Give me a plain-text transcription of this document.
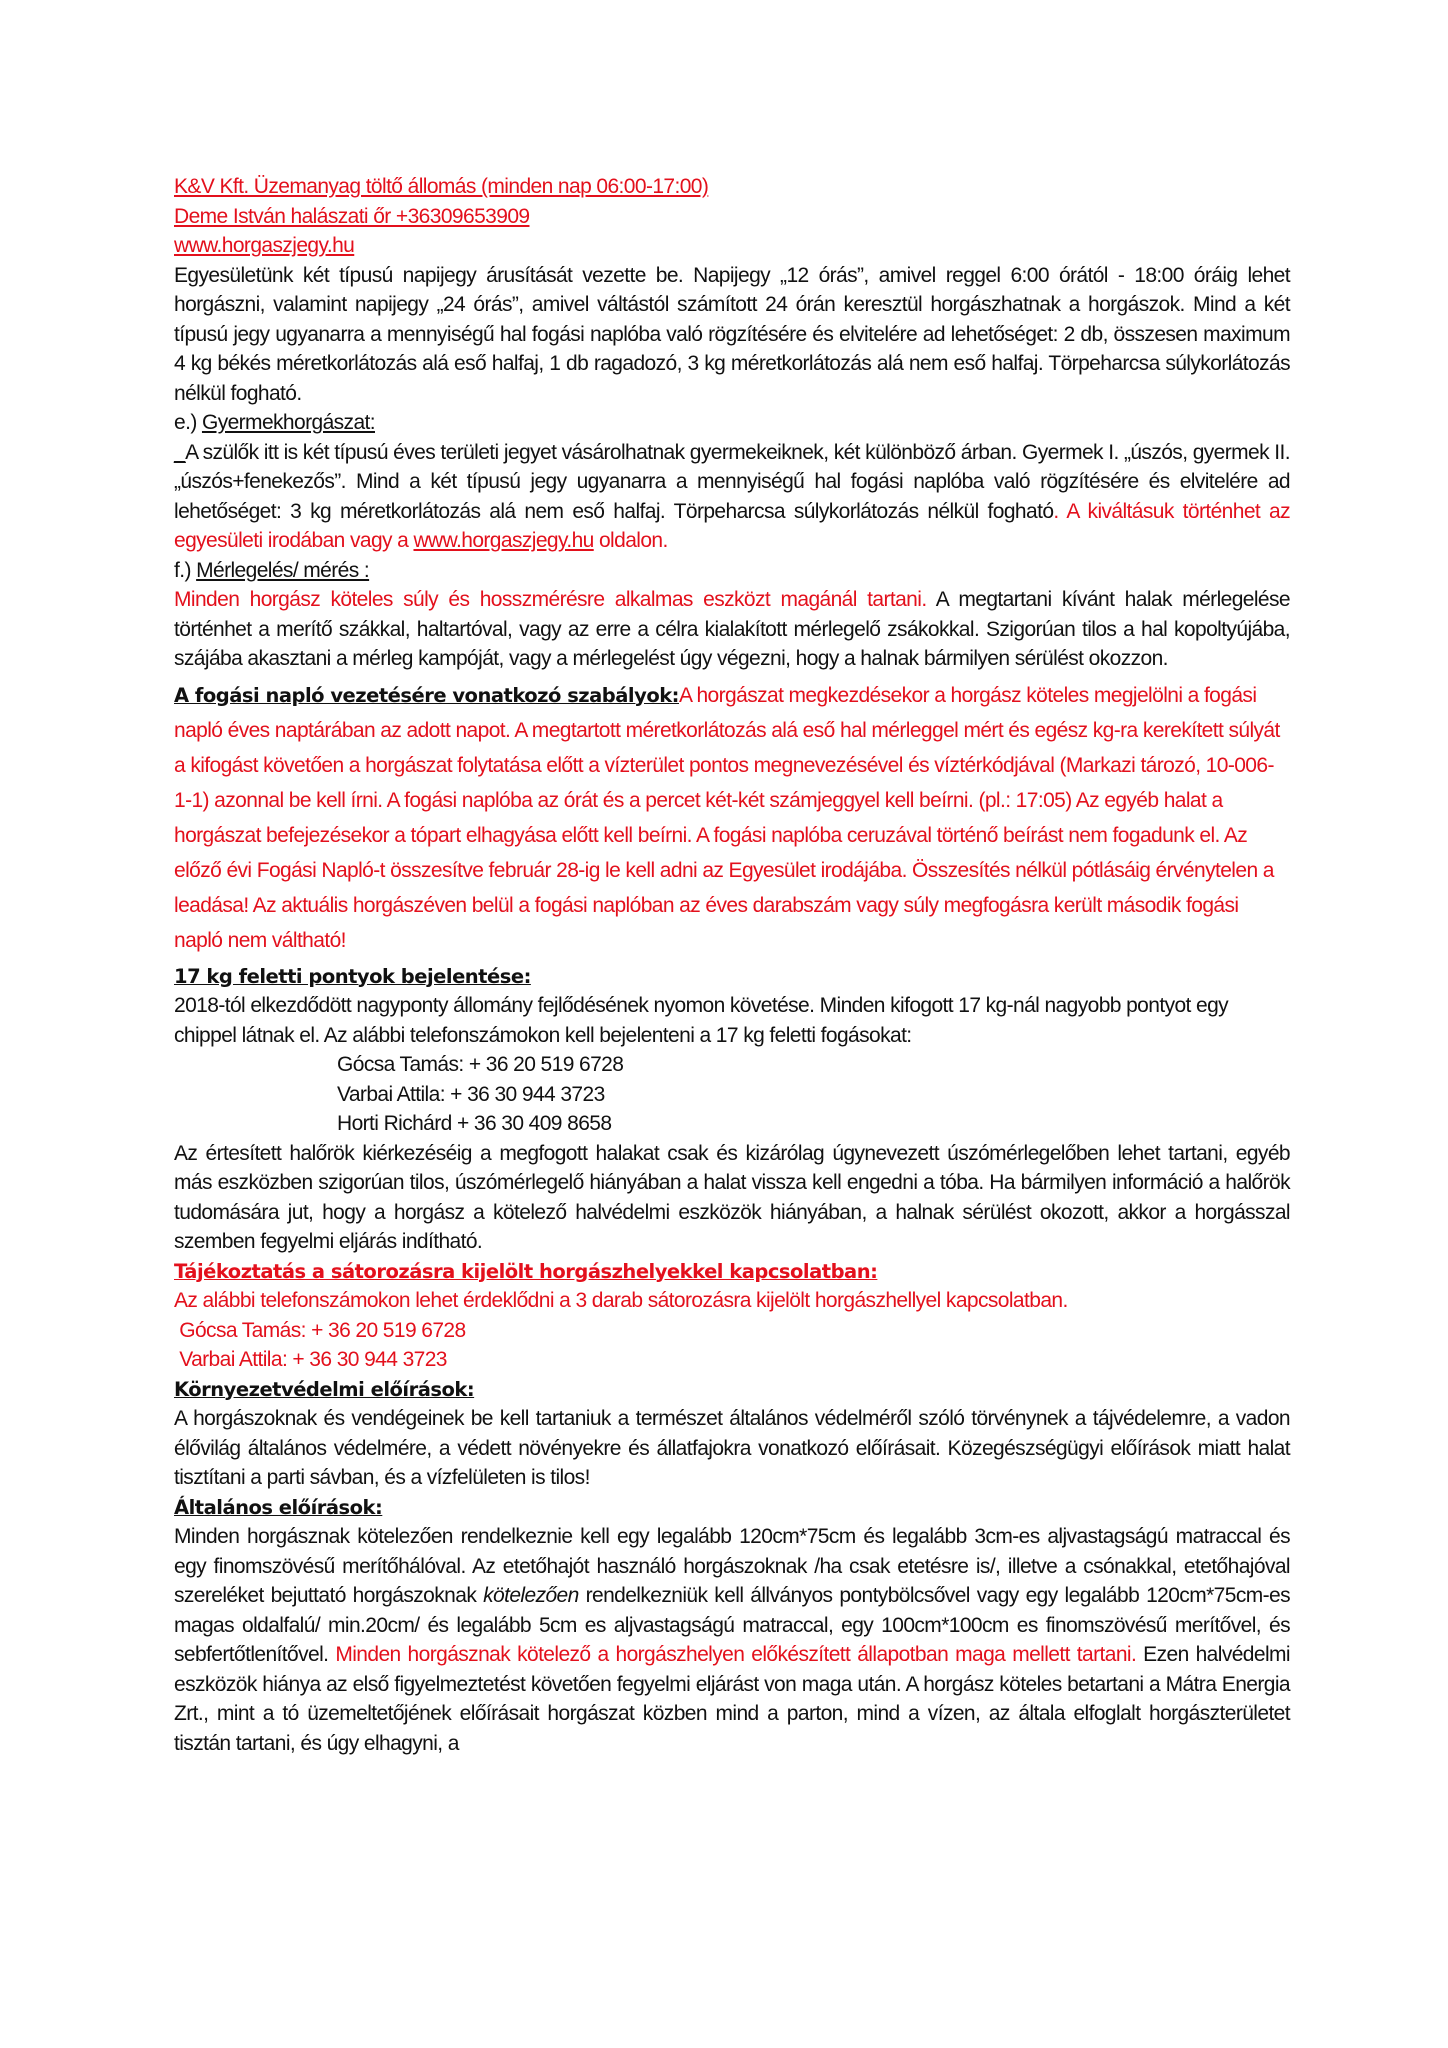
K&V Kft. Üzemanyag töltő állomás (minden nap 06:00-17:00)
Deme István halászati őr +36309653909
www.horgaszjegy.hu

Egyesületünk két típusú napijegy árusítását vezette be. Napijegy „12 órás”, amivel reggel 6:00 órától - 18:00 óráig lehet horgászni, valamint napijegy „24 órás”, amivel váltástól számított 24 órán keresztül horgászhatnak a horgászok. Mind a két típusú jegy ugyanarra a mennyiségű hal fogási naplóba való rögzítésére és elvitelére ad lehetőséget: 2 db, összesen maximum 4 kg békés méretkorlátozás alá eső halfaj, 1 db ragadozó, 3 kg méretkorlátozás alá nem eső halfaj. Törpeharcsa súlykorlátozás nélkül fogható.

e.) Gyermekhorgászat:

_A szülők itt is két típusú éves területi jegyet vásárolhatnak gyermekeiknek, két különböző árban. Gyermek I. „úszós, gyermek II. „úszós+fenekezős”. Mind a két típusú jegy ugyanarra a mennyiségű hal fogási naplóba való rögzítésére és elvitelére ad lehetőséget: 3 kg méretkorlátozás alá nem eső halfaj. Törpeharcsa súlykorlátozás nélkül fogható. A kiváltásuk történhet az egyesületi irodában vagy a www.horgaszjegy.hu oldalon.

f.) Mérlegelés/ mérés :

Minden horgász köteles súly és hosszmérésre alkalmas eszközt magánál tartani. A megtartani kívánt halak mérlegelése történhet a merítő szákkal, haltartóval, vagy az erre a célra kialakított mérlegelő zsákokkal. Szigorúan tilos a hal kopoltyújába, szájába akasztani a mérleg kampóját, vagy a mérlegelést úgy végezni, hogy a halnak bármilyen sérülést okozzon.

A fogási napló vezetésére vonatkozó szabályok:A horgászat megkezdésekor a horgász köteles megjelölni a fogási napló éves naptárában az adott napot. A megtartott méretkorlátozás alá eső hal mérleggel mért és egész kg-ra kerekített súlyát a kifogást követően a horgászat folytatása előtt a vízterület pontos megnevezésével és víztérkódjával (Markazi tározó, 10-006-1-1) azonnal be kell írni. A fogási naplóba az órát és a percet két-két számjeggyel kell beírni. (pl.: 17:05) Az egyéb halat a horgászat befejezésekor a tópart elhagyása előtt kell beírni. A fogási naplóba ceruzával történő beírást nem fogadunk el. Az előző évi Fogási Napló-t összesítve február 28-ig le kell adni az Egyesület irodájába. Összesítés nélkül pótlásáig érvénytelen a leadása! Az aktuális horgászéven belül a fogási naplóban az éves darabszám vagy súly megfogásra került második fogási napló nem váltható!

17 kg feletti pontyok bejelentése:

2018-tól elkezdődött nagyponty állomány fejlődésének nyomon követése. Minden kifogott 17 kg-nál nagyobb pontyot egy chippel látnak el. Az alábbi telefonszámokon kell bejelenteni a 17 kg feletti fogásokat:

Gócsa Tamás: + 36 20 519 6728
Varbai Attila: + 36 30 944 3723
Horti Richárd + 36 30 409 8658

Az értesített halőrök kiérkezéséig a megfogott halakat csak és kizárólag úgynevezett úszómérlegelőben lehet tartani, egyéb más eszközben szigorúan tilos, úszómérlegelő hiányában a halat vissza kell engedni a tóba. Ha bármilyen információ a halőrök tudomására jut, hogy a horgász a kötelező halvédelmi eszközök hiányában, a halnak sérülést okozott, akkor a horgásszal szemben fegyelmi eljárás indítható.

Tájékoztatás a sátorozásra kijelölt horgászhelyekkel kapcsolatban:
Az alábbi telefonszámokon lehet érdeklődni a 3 darab sátorozásra kijelölt horgászhellyel kapcsolatban.
Gócsa Tamás: + 36 20 519 6728
Varbai Attila: + 36 30 944 3723
Környezetvédelmi előírások:

A horgászoknak és vendégeinek be kell tartaniuk a természet általános védelméről szóló törvénynek a tájvédelemre, a vadon élővilág általános védelmére, a védett növényekre és állatfajokra vonatkozó előírásait. Közegészségügyi előírások miatt halat tisztítani a parti sávban, és a vízfelületen is tilos!

Általános előírások:

Minden horgásznak kötelezően rendelkeznie kell egy legalább 120cm*75cm és legalább 3cm-es aljvastagságú matraccal és egy finomszövésű merítőhálóval. Az etetőhajót használó horgászoknak /ha csak etetésre is/, illetve a csónakkal, etetőhajóval szereléket bejuttató horgászoknak kötelezően rendelkezniük kell állványos pontybölcsővel vagy egy legalább 120cm*75cm-es magas oldalfalú/ min.20cm/ és legalább 5cm es aljvastagságú matraccal, egy 100cm*100cm es finomszövésű merítővel, és sebfertőtlenítővel. Minden horgásznak kötelező a horgászhelyen előkészített állapotban maga mellett tartani. Ezen halvédelmi eszközök hiánya az első figyelmeztetést követően fegyelmi eljárást von maga után. A horgász köteles betartani a Mátra Energia Zrt., mint a tó üzemeltetőjének előírásait horgászat közben mind a parton, mind a vízen, az általa elfoglalt horgászterületet tisztán tartani, és úgy elhagyni, a
